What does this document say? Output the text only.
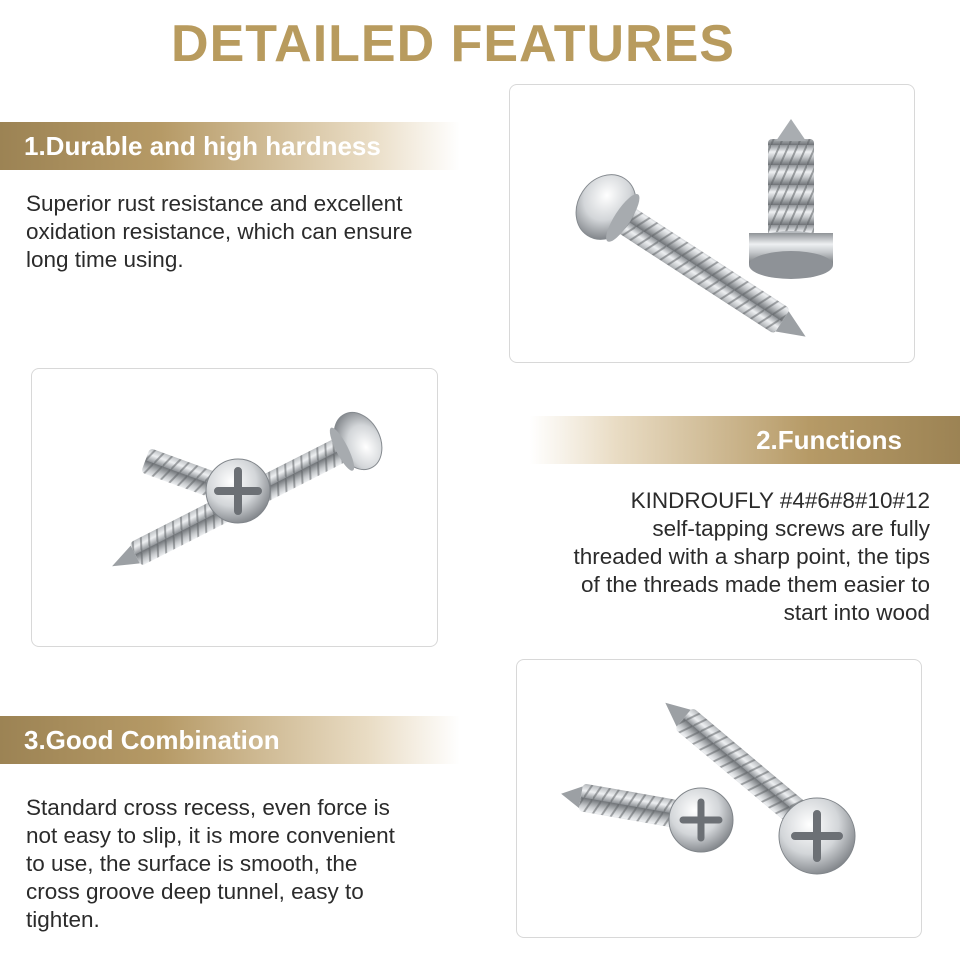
DETAILED FEATURES
1.Durable and high hardness
Superior rust resistance and excellent
oxidation resistance, which can ensure
long time using.
2.Functions
KINDROUFLY #4#6#8#10#12
self-tapping screws are fully
threaded with a sharp point, the tips
of the threads made them easier to
start into wood
3.Good Combination
Standard cross recess, even force is
not easy to slip, it is more convenient
to use, the surface is smooth, the
cross groove deep tunnel, easy to
tighten.
